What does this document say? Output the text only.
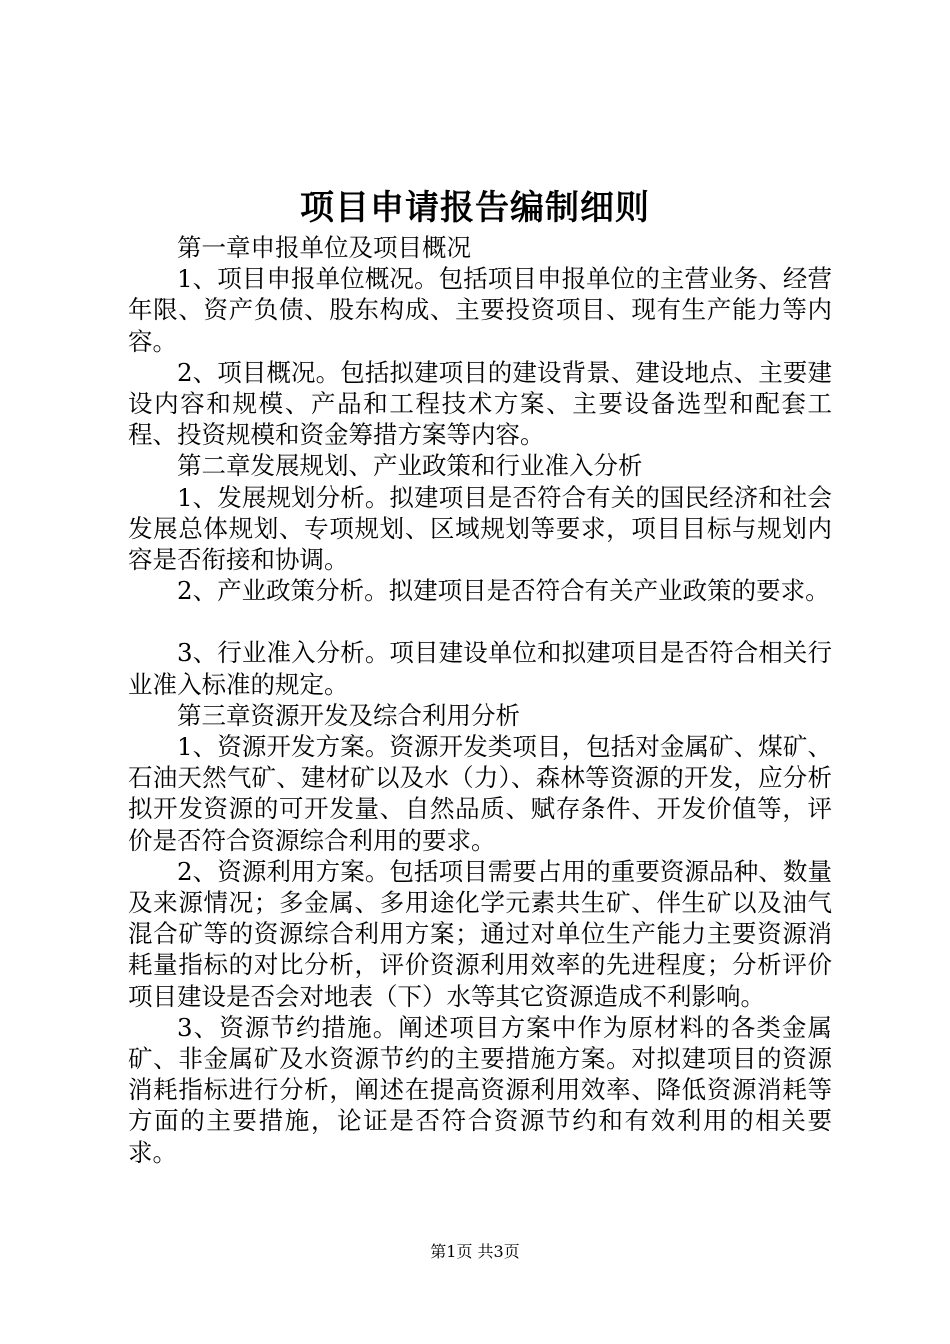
项目申请报告编制细则

第一章申报单位及项目概况

1、项目申报单位概况。包括项目申报单位的主营业务、经营年限、资产负债、股东构成、主要投资项目、现有生产能力等内容。

2、项目概况。包括拟建项目的建设背景、建设地点、主要建设内容和规模、产品和工程技术方案、主要设备选型和配套工程、投资规模和资金筹措方案等内容。

第二章发展规划、产业政策和行业准入分析

1、发展规划分析。拟建项目是否符合有关的国民经济和社会发展总体规划、专项规划、区域规划等要求，项目目标与规划内容是否衔接和协调。

2、产业政策分析。拟建项目是否符合有关产业政策的要求。

3、行业准入分析。项目建设单位和拟建项目是否符合相关行业准入标准的规定。

第三章资源开发及综合利用分析

1、资源开发方案。资源开发类项目，包括对金属矿、煤矿、石油天然气矿、建材矿以及水（力）、森林等资源的开发，应分析拟开发资源的可开发量、自然品质、赋存条件、开发价值等，评价是否符合资源综合利用的要求。

2、资源利用方案。包括项目需要占用的重要资源品种、数量及来源情况；多金属、多用途化学元素共生矿、伴生矿以及油气混合矿等的资源综合利用方案；通过对单位生产能力主要资源消耗量指标的对比分析，评价资源利用效率的先进程度；分析评价项目建设是否会对地表（下）水等其它资源造成不利影响。

3、资源节约措施。阐述项目方案中作为原材料的各类金属矿、非金属矿及水资源节约的主要措施方案。对拟建项目的资源消耗指标进行分析，阐述在提高资源利用效率、降低资源消耗等方面的主要措施，论证是否符合资源节约和有效利用的相关要求。

第1页 共3页
